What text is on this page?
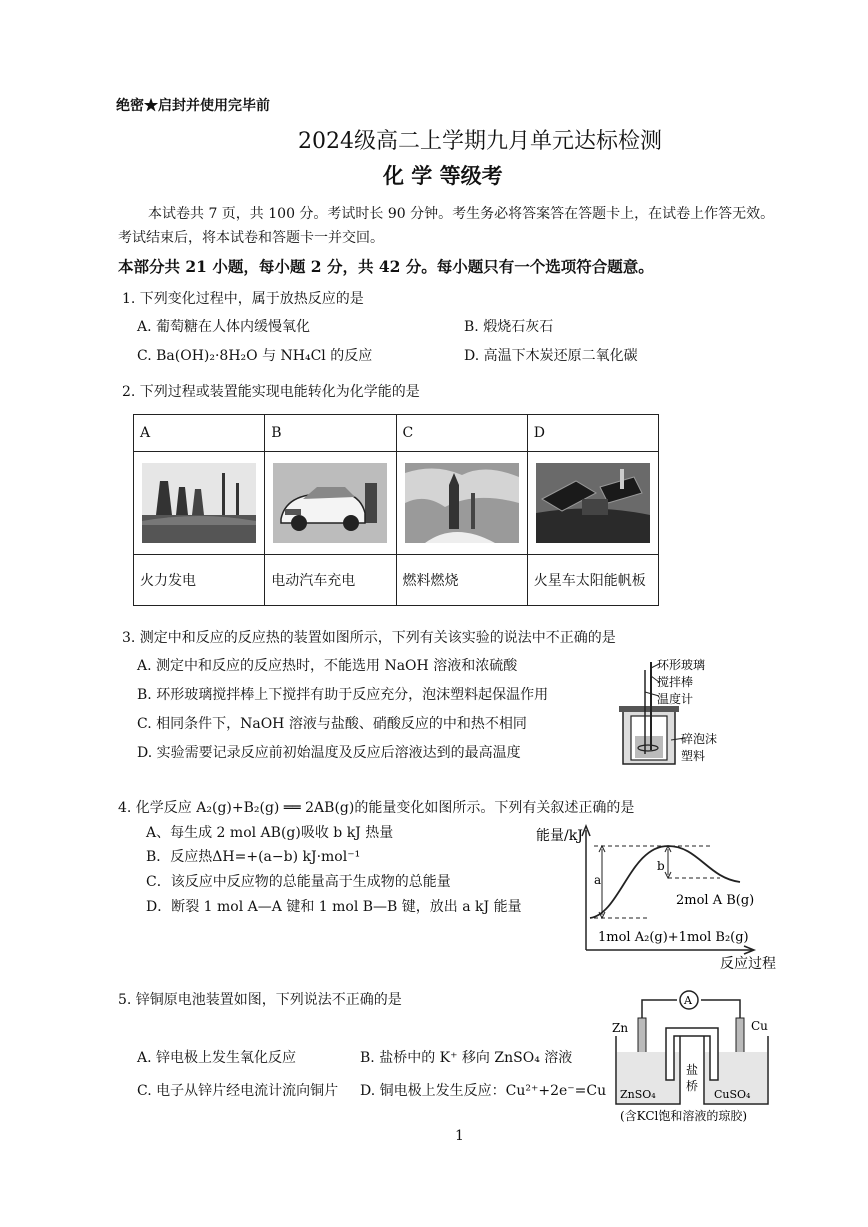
绝密★启封并使用完毕前
2024级高二上学期九月单元达标检测
化 学 等级考
本试卷共 7 页，共 100 分。考试时长 90 分钟。考生务必将答案答在答题卡上，在试卷上作答无效。
考试结束后，将本试卷和答题卡一并交回。
本部分共 21 小题，每小题 2 分，共 42 分。每小题只有一个选项符合题意。
1. 下列变化过程中，属于放热反应的是
A. 葡萄糖在人体内缓慢氧化	B. 煅烧石灰石
C. Ba(OH)₂·8H₂O 与 NH₄Cl 的反应	D. 高温下木炭还原二氧化碳
2. 下列过程或装置能实现电能转化为化学能的是
A	B	C	D

火力发电	电动汽车充电	燃料燃烧	火星车太阳能帆板
3. 测定中和反应的反应热的装置如图所示，下列有关该实验的说法中不正确的是
A. 测定中和反应的反应热时，不能选用 NaOH 溶液和浓硫酸
B. 环形玻璃搅拌棒上下搅拌有助于反应充分，泡沫塑料起保温作用
C. 相同条件下，NaOH 溶液与盐酸、硝酸反应的中和热不相同
D. 实验需要记录反应前初始温度及反应后溶液达到的最高温度
环形玻璃
搅拌棒
温度计
碎泡沫
塑料
4. 化学反应 A₂(g)+B₂(g) ══ 2AB(g)的能量变化如图所示。下列有关叙述正确的是
A、每生成 2 mol AB(g)吸收 b kJ 热量
B．反应热ΔH=+(a−b) kJ·mol⁻¹
C．该反应中反应物的总能量高于生成物的总能量
D．断裂 1 mol A—A 键和 1 mol B—B 键，放出 a kJ 能量
能量/kJ
a
b
2mol A B(g)
1mol A₂(g)+1mol B₂(g)
反应过程
5. 锌铜原电池装置如图，下列说法不正确的是
A. 锌电极上发生氧化反应	B. 盐桥中的 K⁺ 移向 ZnSO₄ 溶液
C. 电子从锌片经电流计流向铜片 D. 铜电极上发生反应：Cu²⁺+2e⁻=Cu
A
Zn	Cu
ZnSO₄	CuSO₄
盐
桥
(含KCl饱和溶液的琼胶)
1
